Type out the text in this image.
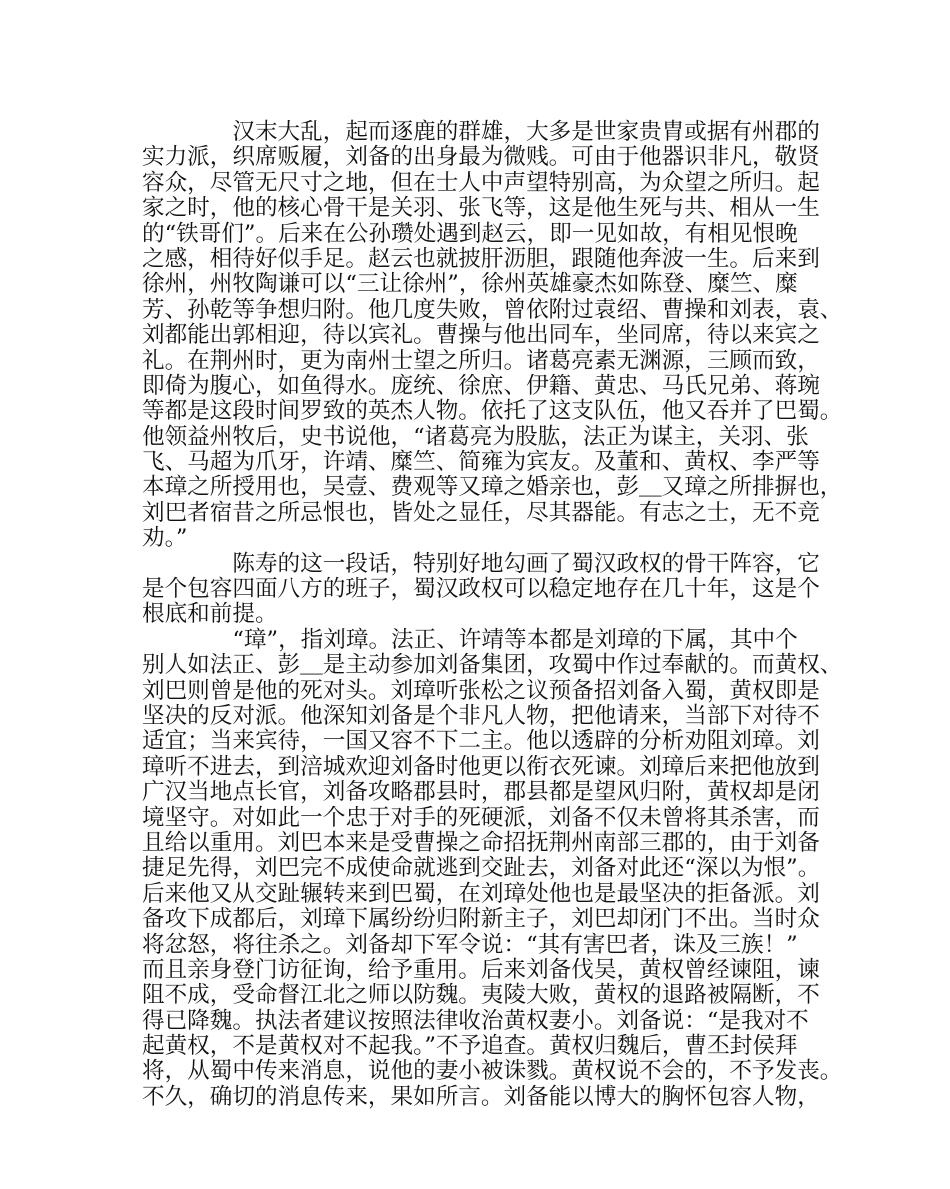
　　　　汉末大乱，起而逐鹿的群雄，大多是世家贵胄或据有州郡的
实力派，织席贩履，刘备的出身最为微贱。可由于他器识非凡，敬贤
容众，尽管无尺寸之地，但在士人中声望特别高，为众望之所归。起
家之时，他的核心骨干是关羽、张飞等，这是他生死与共、相从一生
的“铁哥们”。后来在公孙瓒处遇到赵云，即一见如故，有相见恨晚
之感，相待好似手足。赵云也就披肝沥胆，跟随他奔波一生。后来到
徐州，州牧陶谦可以“三让徐州”，徐州英雄豪杰如陈登、糜竺、糜
芳、孙乾等争想归附。他几度失败，曾依附过袁绍、曹操和刘表，袁、
刘都能出郭相迎，待以宾礼。曹操与他出同车，坐同席，待以来宾之
礼。在荆州时，更为南州士望之所归。诸葛亮素无渊源，三顾而致，
即倚为腹心，如鱼得水。庞统、徐庶、伊籍、黄忠、马氏兄弟、蒋琬
等都是这段时间罗致的英杰人物。依托了这支队伍，他又吞并了巴蜀。
他领益州牧后，史书说他，“诸葛亮为股肱，法正为谋主，关羽、张
飞、马超为爪牙，许靖、糜竺、简雍为宾友。及董和、黄权、李严等
本璋之所授用也，吴壹、费观等又璋之婚亲也，彭＿又璋之所排摒也，
刘巴者宿昔之所忌恨也，皆处之显任，尽其器能。有志之士，无不竞
劝。”
　　　　陈寿的这一段话，特别好地勾画了蜀汉政权的骨干阵容，它
是个包容四面八方的班子，蜀汉政权可以稳定地存在几十年，这是个
根底和前提。
　　　　“璋”，指刘璋。法正、许靖等本都是刘璋的下属，其中个
别人如法正、彭＿是主动参加刘备集团，攻蜀中作过奉献的。而黄权、
刘巴则曾是他的死对头。刘璋听张松之议预备招刘备入蜀，黄权即是
坚决的反对派。他深知刘备是个非凡人物，把他请来，当部下对待不
适宜；当来宾待，一国又容不下二主。他以透辟的分析劝阻刘璋。刘
璋听不进去，到涪城欢迎刘备时他更以衔衣死谏。刘璋后来把他放到
广汉当地点长官，刘备攻略郡县时，郡县都是望风归附，黄权却是闭
境坚守。对如此一个忠于对手的死硬派，刘备不仅未曾将其杀害，而
且给以重用。刘巴本来是受曹操之命招抚荆州南部三郡的，由于刘备
捷足先得，刘巴完不成使命就逃到交趾去，刘备对此还“深以为恨”。
后来他又从交趾辗转来到巴蜀，在刘璋处他也是最坚决的拒备派。刘
备攻下成都后，刘璋下属纷纷归附新主子，刘巴却闭门不出。当时众
将忿怒，将往杀之。刘备却下军令说：“其有害巴者，诛及三族！”
而且亲身登门访征询，给予重用。后来刘备伐吴，黄权曾经谏阻，谏
阻不成，受命督江北之师以防魏。夷陵大败，黄权的退路被隔断，不
得已降魏。执法者建议按照法律收治黄权妻小。刘备说：“是我对不
起黄权，不是黄权对不起我。”不予追查。黄权归魏后，曹丕封侯拜
将，从蜀中传来消息，说他的妻小被诛戮。黄权说不会的，不予发丧。
不久，确切的消息传来，果如所言。刘备能以博大的胸怀包容人物，
